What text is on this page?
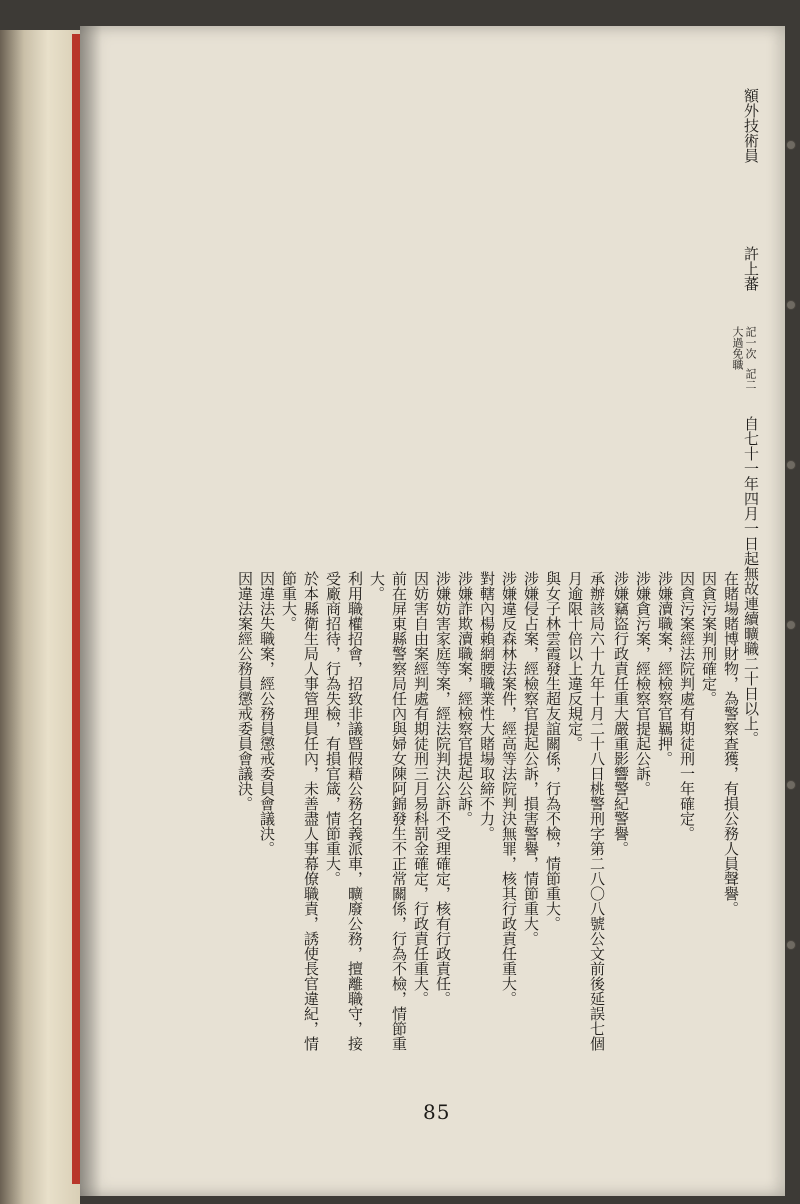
額外技術員
許上蕃
記一次
大過免職
記二
自七十一年四月一日起無故連續曠職二十日以上。
在賭場賭博財物，為警察查獲，有損公務人員聲譽。
因貪污案判刑確定。
因貪污案經法院判處有期徒刑一年確定。
涉嫌瀆職案，經檢察官羈押。
涉嫌貪污案，經檢察官提起公訴。
涉嫌竊盜行政責任重大嚴重影響警紀警譽。
承辦該局六十九年十月二十八日桃警刑字第二八〇八號公文前後延誤七個
月逾限十倍以上違反規定。
與女子林雲霞發生超友誼關係，行為不檢，情節重大。
涉嫌侵占案，經檢察官提起公訴，損害警譽，情節重大。
涉嫌違反森林法案件，經高等法院判決無罪，核其行政責任重大。
對轄內楊賴網腰職業性大賭場取締不力。
涉嫌詐欺瀆職案，經檢察官提起公訴。
涉嫌妨害家庭等案，經法院判決公訴不受理確定，核有行政責任。
因妨害自由案經判處有期徒刑三月易科罰金確定，行政責任重大。
前在屏東縣警察局任內與婦女陳阿錦發生不正常關係，行為不檢，情節重
大。
利用職權招會，招致非議暨假藉公務名義派車，曠廢公務，擅離職守，接
受廠商招待，行為失檢，有損官箴，情節重大。
於本縣衛生局人事管理員任內，未善盡人事幕僚職責，誘使長官違紀，情
節重大。
因違法失職案，經公務員懲戒委員會議決。
因違法案經公務員懲戒委員會議決。
85
